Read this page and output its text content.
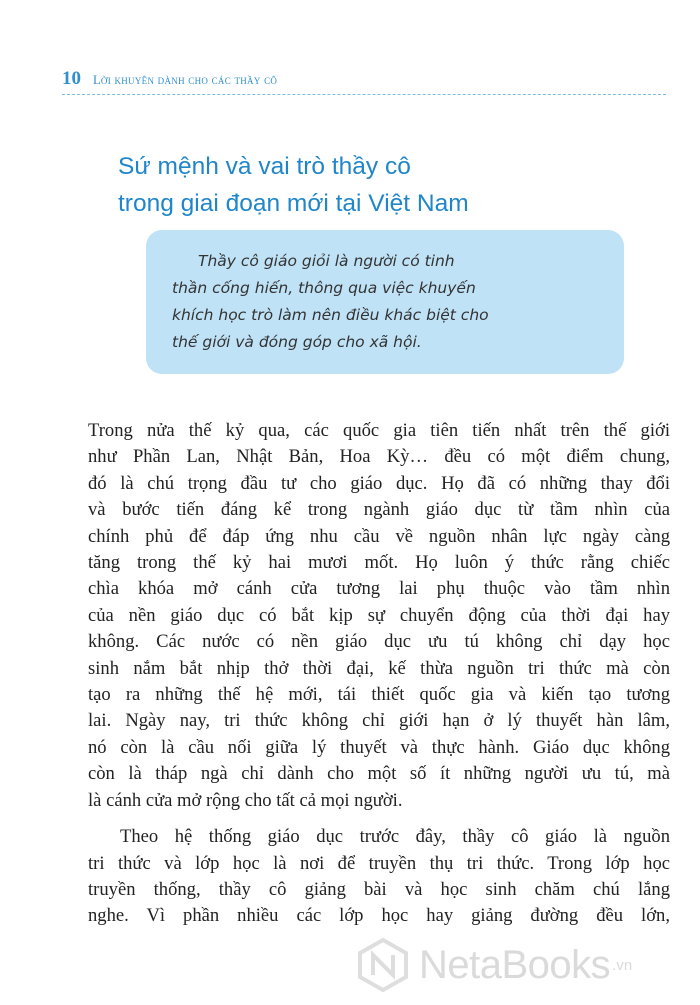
10 Lời khuyên dành cho các thầy cô
Sứ mệnh và vai trò thầy cô
trong giai đoạn mới tại Việt Nam
Thầy cô giáo giỏi là người có tinh
thần cống hiến, thông qua việc khuyến
khích học trò làm nên điều khác biệt cho
thế giới và đóng góp cho xã hội.
Trong nửa thế kỷ qua, các quốc gia tiên tiến nhất trên thế giới
như Phần Lan, Nhật Bản, Hoa Kỳ… đều có một điểm chung,
đó là chú trọng đầu tư cho giáo dục. Họ đã có những thay đổi
và bước tiến đáng kể trong ngành giáo dục từ tầm nhìn của
chính phủ để đáp ứng nhu cầu về nguồn nhân lực ngày càng
tăng trong thế kỷ hai mươi mốt. Họ luôn ý thức rằng chiếc
chìa khóa mở cánh cửa tương lai phụ thuộc vào tầm nhìn
của nền giáo dục có bắt kịp sự chuyển động của thời đại hay
không. Các nước có nền giáo dục ưu tú không chỉ dạy học
sinh nắm bắt nhịp thở thời đại, kế thừa nguồn tri thức mà còn
tạo ra những thế hệ mới, tái thiết quốc gia và kiến tạo tương
lai. Ngày nay, tri thức không chỉ giới hạn ở lý thuyết hàn lâm,
nó còn là cầu nối giữa lý thuyết và thực hành. Giáo dục không
còn là tháp ngà chỉ dành cho một số ít những người ưu tú, mà
là cánh cửa mở rộng cho tất cả mọi người.
Theo hệ thống giáo dục trước đây, thầy cô giáo là nguồn
tri thức và lớp học là nơi để truyền thụ tri thức. Trong lớp học
truyền thống, thầy cô giảng bài và học sinh chăm chú lắng
nghe. Vì phần nhiều các lớp học hay giảng đường đều lớn,
NetaBooks .vn
